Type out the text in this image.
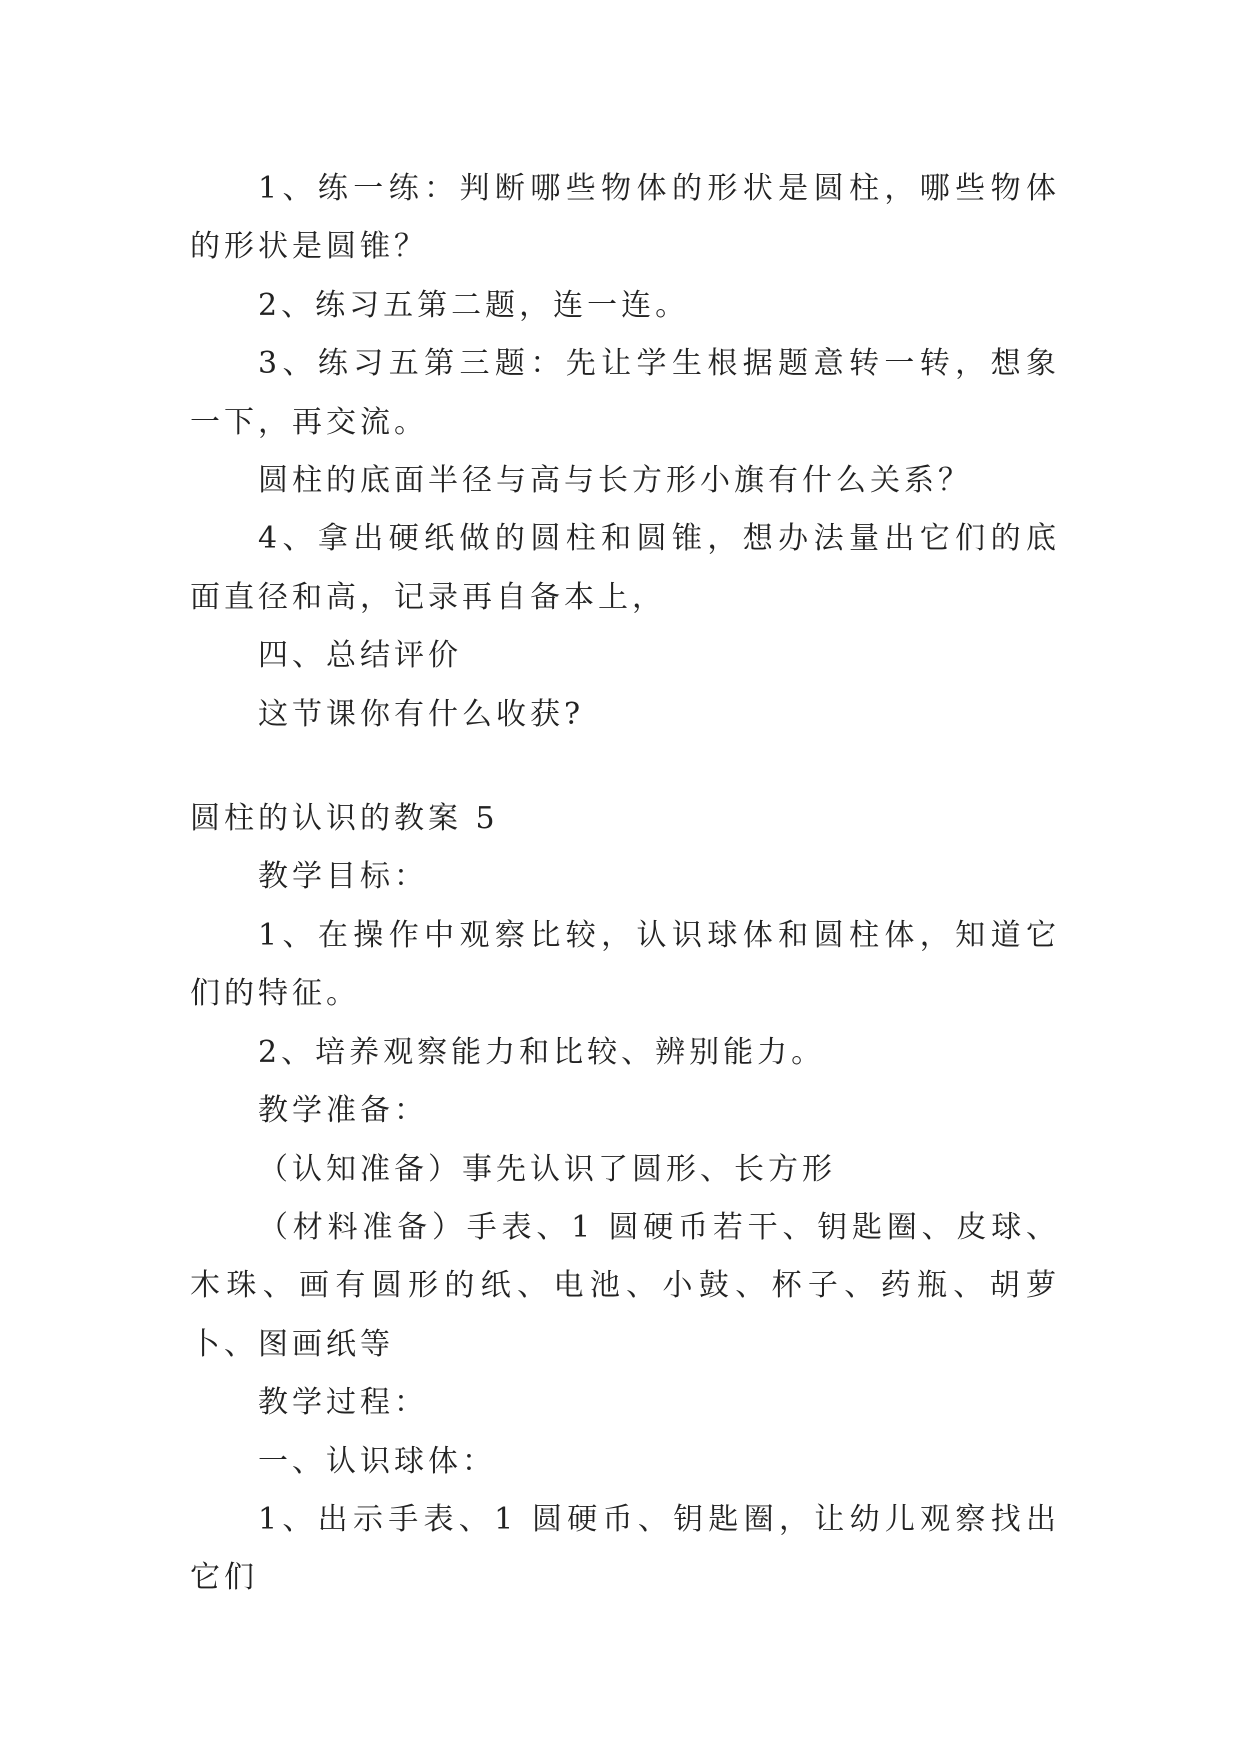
1、练一练：判断哪些物体的形状是圆柱，哪些物体的形状是圆锥？

2、练习五第二题，连一连。

3、练习五第三题：先让学生根据题意转一转，想象一下，再交流。

圆柱的底面半径与高与长方形小旗有什么关系？

4、拿出硬纸做的圆柱和圆锥，想办法量出它们的底面直径和高，记录再自备本上，

四、总结评价

这节课你有什么收获?

圆柱的认识的教案 5

教学目标：

1、在操作中观察比较，认识球体和圆柱体，知道它们的特征。

2、培养观察能力和比较、辨别能力。

教学准备：

（认知准备）事先认识了圆形、长方形

（材料准备）手表、1 圆硬币若干、钥匙圈、皮球、木珠、画有圆形的纸、电池、小鼓、杯子、药瓶、胡萝卜、图画纸等

教学过程：

一、认识球体：

1、出示手表、1 圆硬币、钥匙圈，让幼儿观察找出它们
